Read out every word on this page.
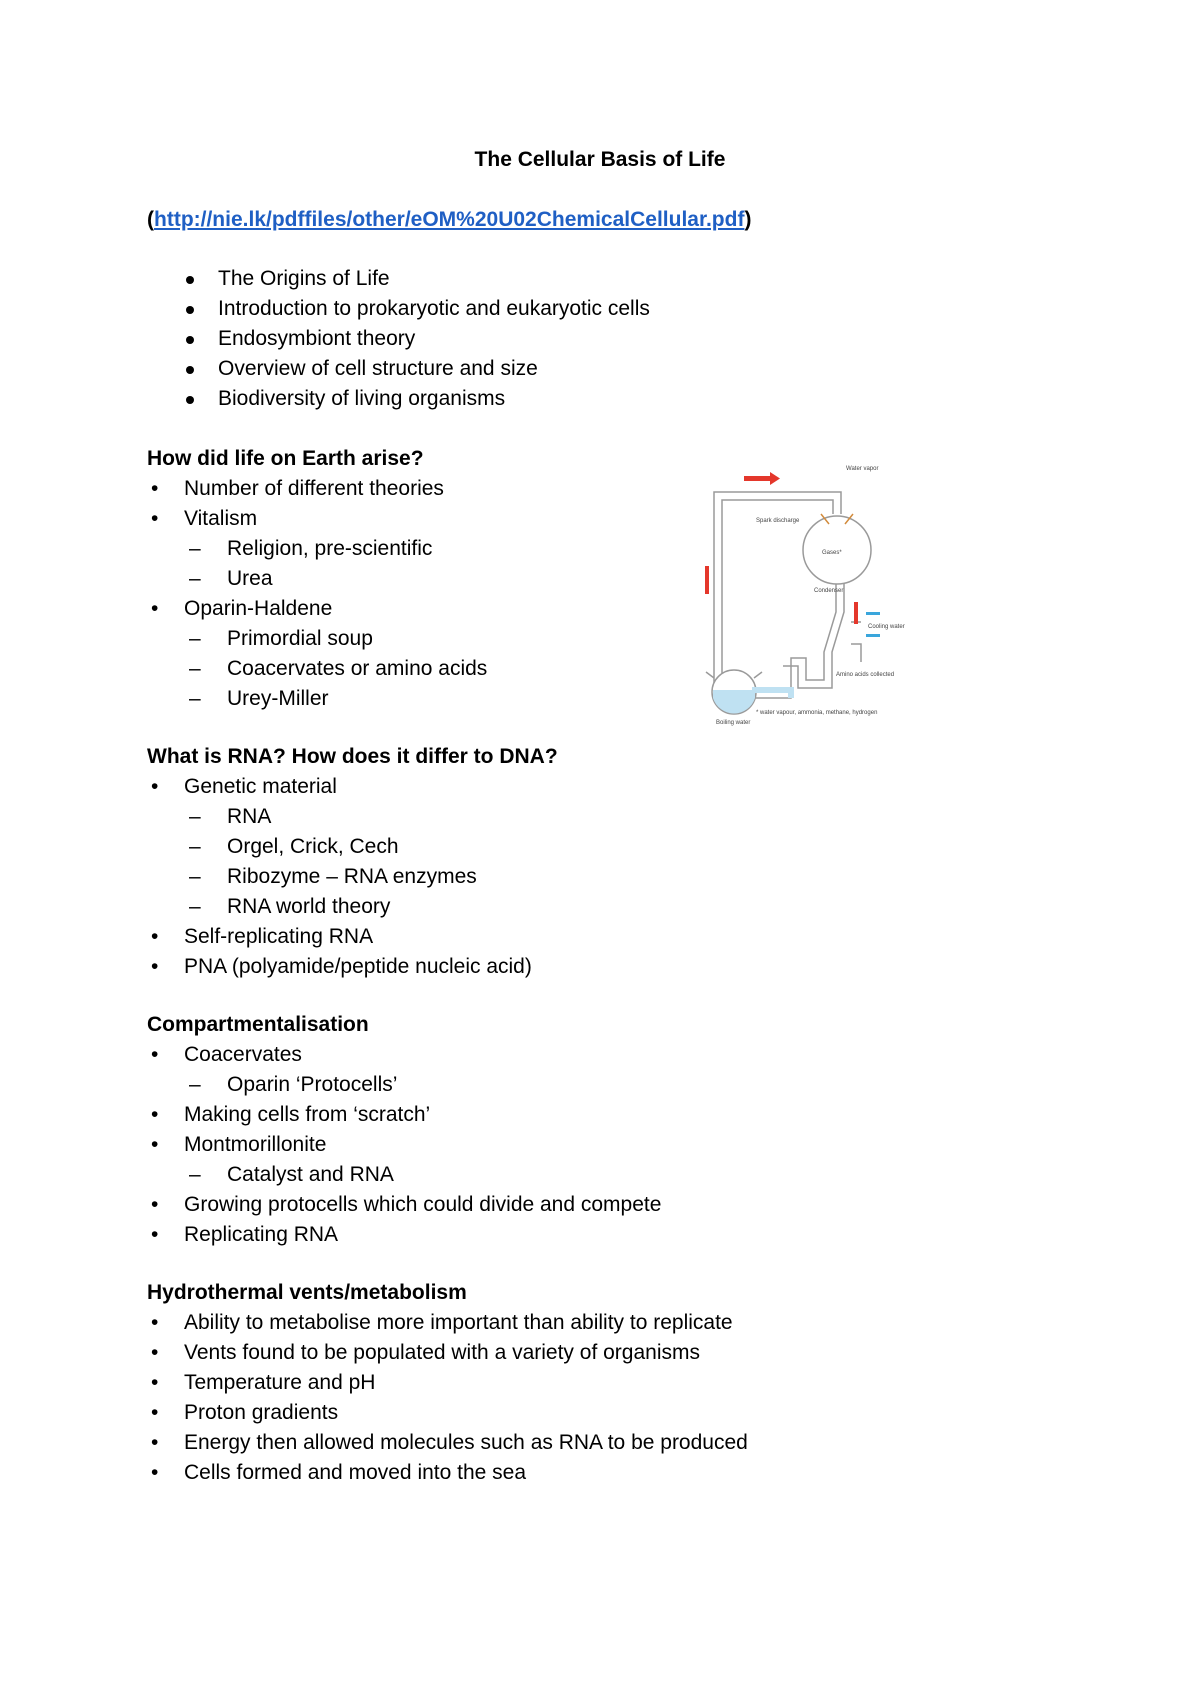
The Cellular Basis of Life
(http://nie.lk/pdffiles/other/eOM%20U02ChemicalCellular.pdf)
The Origins of Life
Introduction to prokaryotic and eukaryotic cells
Endosymbiont theory
Overview of cell structure and size
Biodiversity of living organisms
How did life on Earth arise?
• Number of different theories
• Vitalism
– Religion, pre-scientific
– Urea
• Oparin-Haldene
– Primordial soup
– Coacervates or amino acids
– Urey-Miller
What is RNA? How does it differ to DNA?
• Genetic material
– RNA
– Orgel, Crick, Cech
– Ribozyme – RNA enzymes
– RNA world theory
• Self-replicating RNA
• PNA (polyamide/peptide nucleic acid)
Compartmentalisation
• Coacervates
– Oparin ‘Protocells’
• Making cells from ‘scratch’
• Montmorillonite
– Catalyst and RNA
• Growing protocells which could divide and compete
• Replicating RNA
Hydrothermal vents/metabolism
• Ability to metabolise more important than ability to replicate
• Vents found to be populated with a variety of organisms
• Temperature and pH
• Proton gradients
• Energy then allowed molecules such as RNA to be produced
• Cells formed and moved into the sea
Water vapor
Spark discharge
Gases*
Condenser
Cooling water
Boiling water
Amino acids collected
* water vapour, ammonia, methane, hydrogen
